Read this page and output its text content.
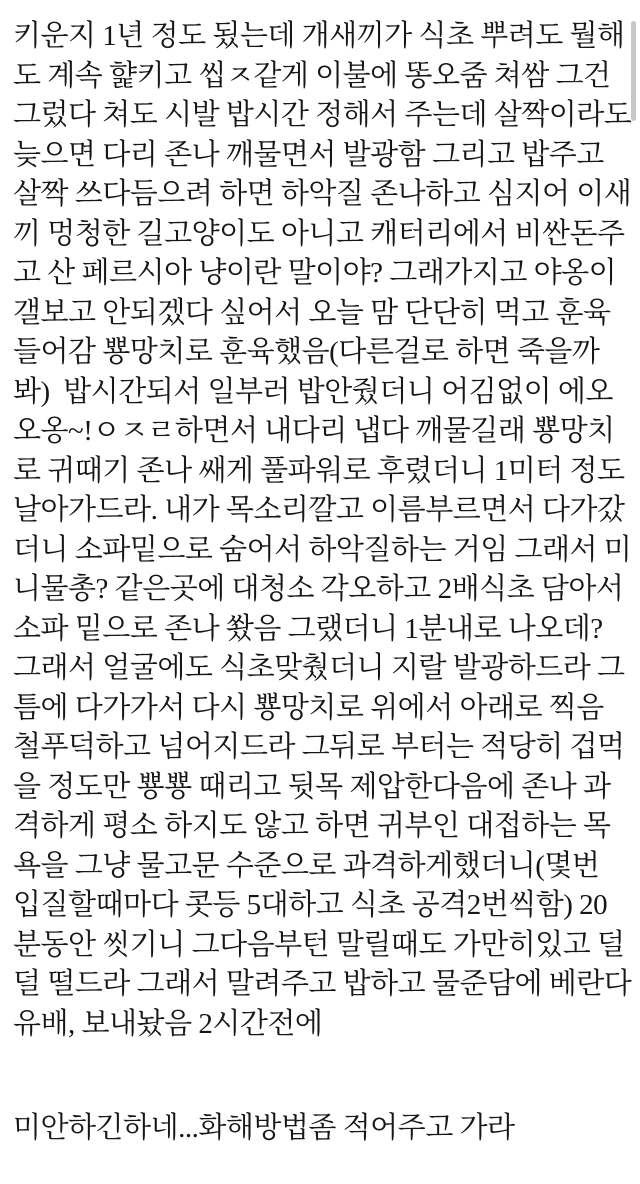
키운지 1년 정도 됬는데 개새끼가 식초 뿌려도 뭘해

도 계속 햝키고 씹ㅈ같게 이불에 똥오줌 쳐쌈 그건

그렀다 쳐도 시발 밥시간 정해서 주는데 살짝이라도

늦으면 다리 존나 깨물면서 발광함 그리고 밥주고

살짝 쓰다듬으려 하면 하악질 존나하고 심지어 이새

끼 멍청한 길고양이도 아니고 캐터리에서 비싼돈주

고 산 페르시아 냥이란 말이야? 그래가지고 야옹이

갤보고 안되겠다 싶어서 오늘 맘 단단히 먹고 훈육

들어감 뿅망치로 훈육했음(다른걸로 하면 죽을까

봐)  밥시간되서 일부러 밥안줬더니 어김없이 에오

오옹~!ㅇㅈㄹ하면서 내다리 냅다 깨물길래 뿅망치

로 귀때기 존나 쌔게 풀파워로 후렸더니 1미터 정도

날아가드라. 내가 목소리깔고 이름부르면서 다가갔

더니 소파밑으로 숨어서 하악질하는 거임 그래서 미

니물총? 같은곳에 대청소 각오하고 2배식초 담아서

소파 밑으로 존나 쐈음 그랬더니 1분내로 나오데?

그래서 얼굴에도 식초맞췄더니 지랄 발광하드라 그

틈에 다가가서 다시 뿅망치로 위에서 아래로 찍음

철푸덕하고 넘어지드라 그뒤로 부터는 적당히 겁먹

을 정도만 뿅뿅 때리고 뒷목 제압한다음에 존나 과

격하게 평소 하지도 않고 하면 귀부인 대접하는 목

욕을 그냥 물고문 수준으로 과격하게했더니(몇번

입질할때마다 콧등 5대하고 식초 공격2번씩함) 20

분동안 씻기니 그다음부턴 말릴때도 가만히있고 덜

덜 떨드라 그래서 말려주고 밥하고 물준담에 베란다

유배, 보내놨음 2시간전에

미안하긴하네...화해방법좀 적어주고 가라
